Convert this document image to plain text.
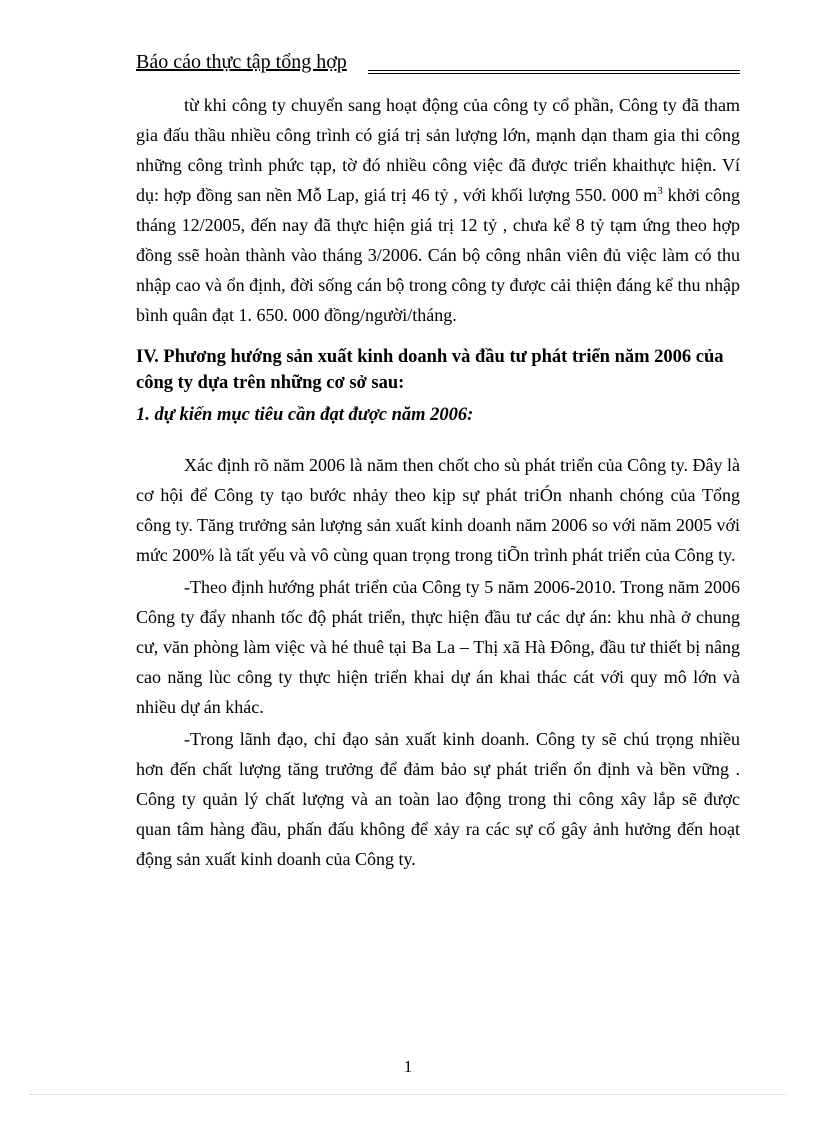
Báo cáo thực tập tổng hợp

từ khi công ty chuyển sang hoạt động của công ty cổ phần, Công ty đã tham gia đấu thầu nhiều công trình có giá trị sản lượng lớn, mạnh dạn tham gia thi công những công trình phức tạp, tờ đó nhiều công việc đã được triển khaithực hiện. Ví dụ: hợp đồng san nền Mỗ Lap, giá trị 46 tỷ , với khối lượng 550. 000 $m^3$ khởi công tháng 12/2005, đến nay đã thực hiện giá trị 12 tỷ , chưa kể 8 tỷ tạm ứng theo hợp đồng ssẽ hoàn thành vào tháng 3/2006. Cán bộ công nhân viên đủ việc làm có thu nhập cao và ổn định, đời sống cán bộ trong công ty được cải thiện đáng kể thu nhập bình quân đạt 1. 650. 000 đồng/người/tháng.

IV. Phương hướng sản xuất kinh doanh và đầu tư phát triển năm 2006 của công ty dựa trên những cơ sở sau:

1. dự kiến mục tiêu cần đạt được năm 2006:

Xác định rõ năm 2006 là năm then chốt cho sù phát triển của Công ty. Đây là cơ hội để Công ty tạo bước nhảy theo kịp sự phát triÓn nhanh chóng của Tổng công ty. Tăng trưởng sản lượng sản xuất kinh doanh năm 2006 so với năm 2005 với mức 200% là tất yếu và vô cùng quan trọng trong tiÕn trình phát triển của Công ty.

-Theo định hướng phát triển của Công ty 5 năm 2006-2010. Trong năm 2006 Công ty đẩy nhanh tốc độ phát triển, thực hiện đầu tư các dự án: khu nhà ở chung cư, văn phòng làm việc và hé thuê tại Ba La – Thị xã Hà Đông, đầu tư thiết bị nâng cao năng lùc công ty thực hiện triển khai dự án khai thác cát với quy mô lớn và nhiều dự án khác.

-Trong lãnh đạo, chỉ đạo sản xuất kinh doanh. Công ty sẽ chú trọng nhiều hơn đến chất lượng tăng trưởng để đảm bảo sự phát triển ổn định và bền vững . Công ty quản lý chất lượng và an toàn lao động trong thi công xây lắp sẽ được quan tâm hàng đầu, phấn đấu không để xảy ra các sự cố gây ảnh hưởng đến hoạt động sản xuất kinh doanh của Công ty.

1
